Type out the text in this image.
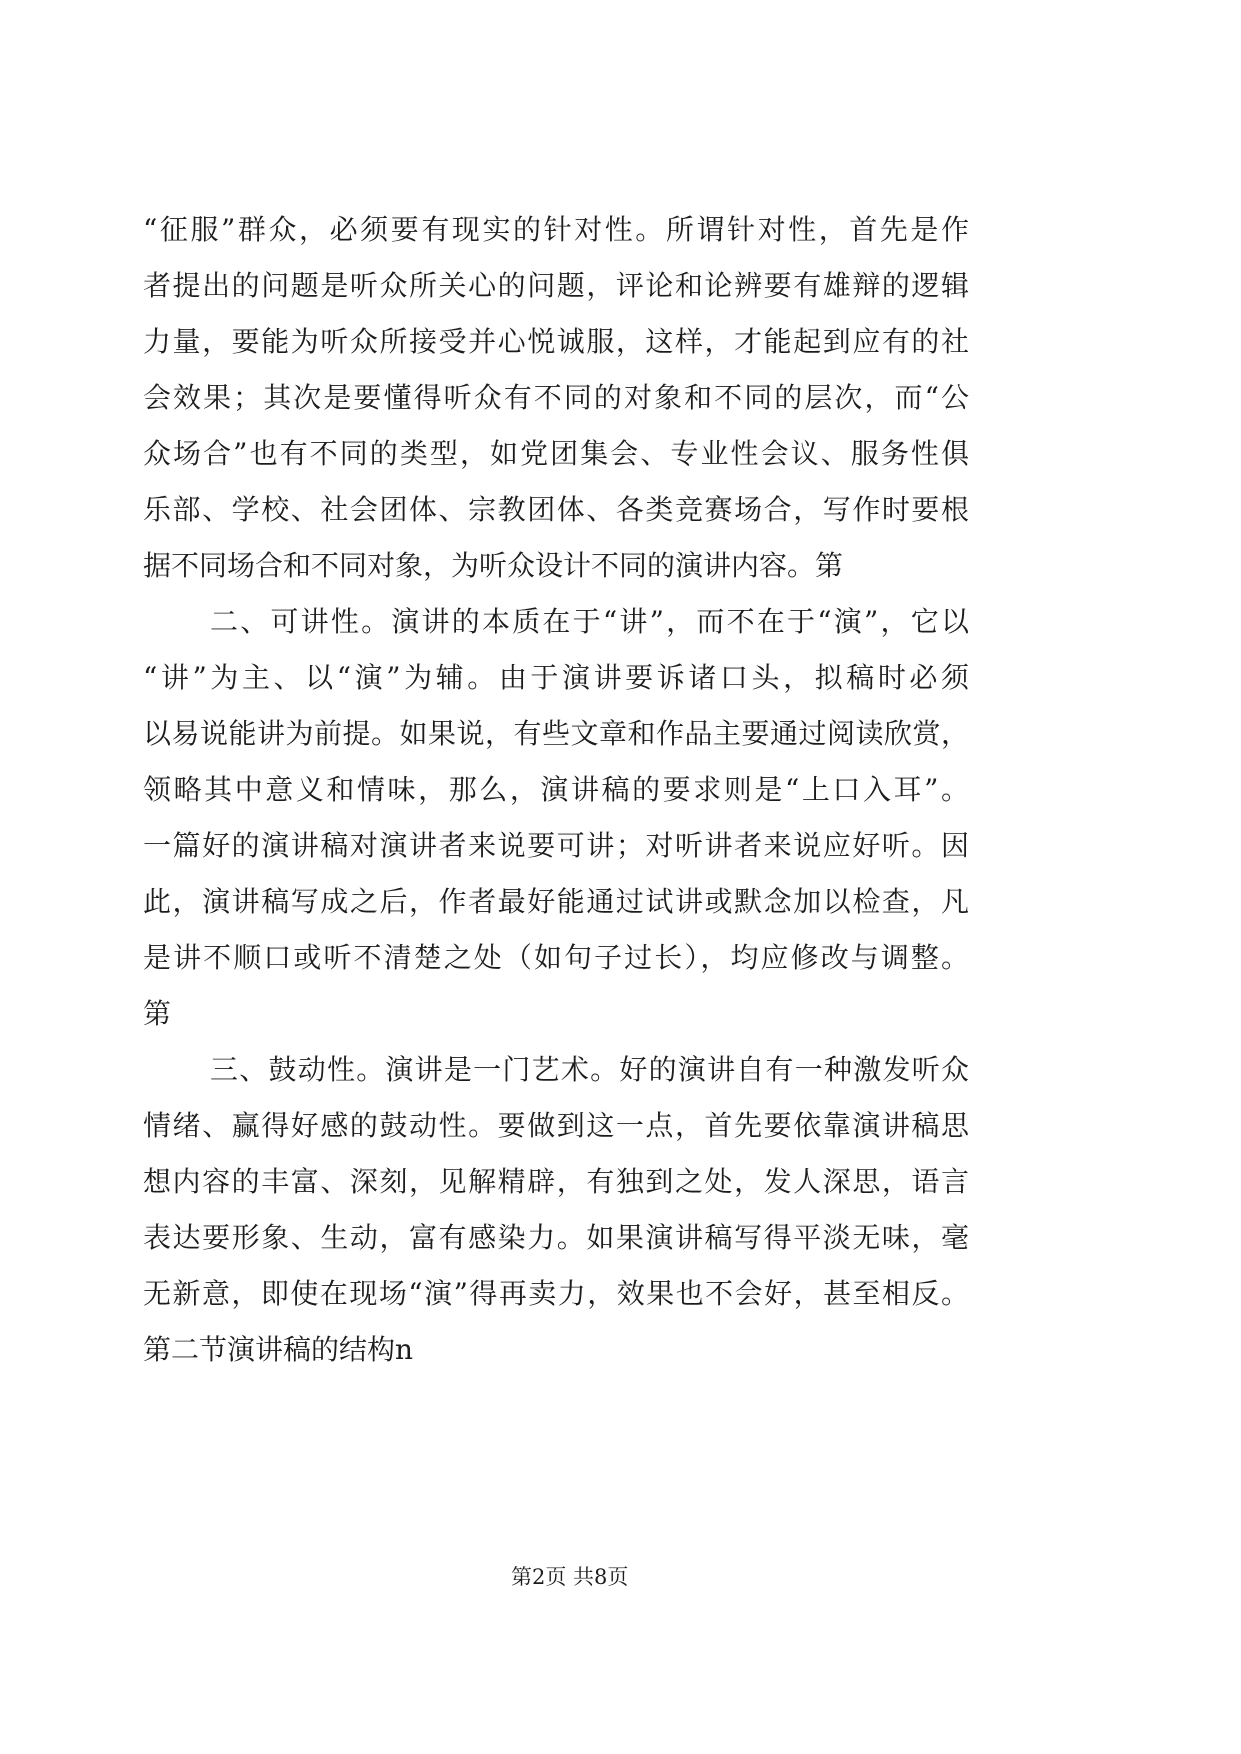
“征服”群众，必须要有现实的针对性。所谓针对性，首先是作
者提出的问题是听众所关心的问题，评论和论辨要有雄辩的逻辑
力量，要能为听众所接受并心悦诚服，这样，才能起到应有的社
会效果；其次是要懂得听众有不同的对象和不同的层次，而“公
众场合”也有不同的类型，如党团集会、专业性会议、服务性俱
乐部、学校、社会团体、宗教团体、各类竞赛场合，写作时要根
据不同场合和不同对象，为听众设计不同的演讲内容。第
二、可讲性。演讲的本质在于“讲”，而不在于“演”，它以
“讲”为主、以“演”为辅。由于演讲要诉诸口头，拟稿时必须
以易说能讲为前提。如果说，有些文章和作品主要通过阅读欣赏，
领略其中意义和情味，那么，演讲稿的要求则是“上口入耳”。
一篇好的演讲稿对演讲者来说要可讲；对听讲者来说应好听。因
此，演讲稿写成之后，作者最好能通过试讲或默念加以检查，凡
是讲不顺口或听不清楚之处（如句子过长），均应修改与调整。
第
三、鼓动性。演讲是一门艺术。好的演讲自有一种激发听众
情绪、赢得好感的鼓动性。要做到这一点，首先要依靠演讲稿思
想内容的丰富、深刻，见解精辟，有独到之处，发人深思，语言
表达要形象、生动，富有感染力。如果演讲稿写得平淡无味，毫
无新意，即使在现场“演”得再卖力，效果也不会好，甚至相反。
第二节演讲稿的结构n
第2页 共8页
